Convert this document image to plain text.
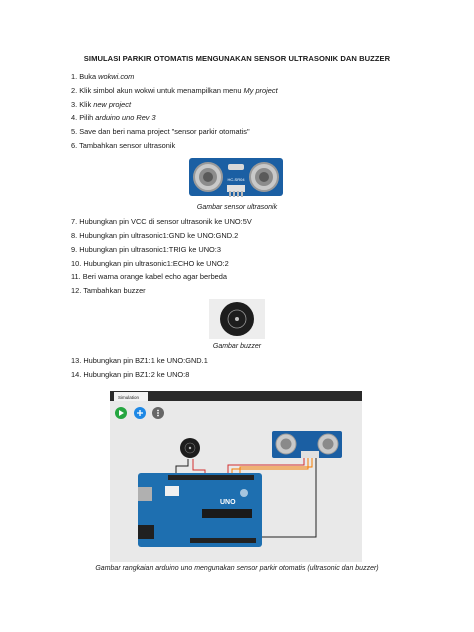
SIMULASI PARKIR OTOMATIS MENGUNAKAN SENSOR ULTRASONIK DAN BUZZER
1. Buka wokwi.com
2. Klik simbol akun wokwi untuk menampilkan menu My project
3. Klik new project
4. Pilih arduino uno Rev 3
5. Save dan beri nama project "sensor parkir otomatis"
6. Tambahkan sensor ultrasonik
HC-SR04
Gambar sensor ultrasonik
7. Hubungkan pin VCC di sensor ultrasonik ke UNO:5V
8. Hubungkan pin ultrasonic1:GND ke UNO:GND.2
9. Hubungkan pin ultrasonic1:TRIG ke UNO:3
10. Hubungkan pin ultrasonic1:ECHO ke UNO:2
11. Beri warna orange kabel echo agar berbeda
12. Tambahkan buzzer
Gambar buzzer
13. Hubungkan pin BZ1:1 ke UNO:GND.1
14. Hubungkan pin BZ1:2 ke UNO:8
Simulation
UNO
Gambar rangkaian arduino uno mengunakan sensor parkir otomatis (ultrasonic dan buzzer)
